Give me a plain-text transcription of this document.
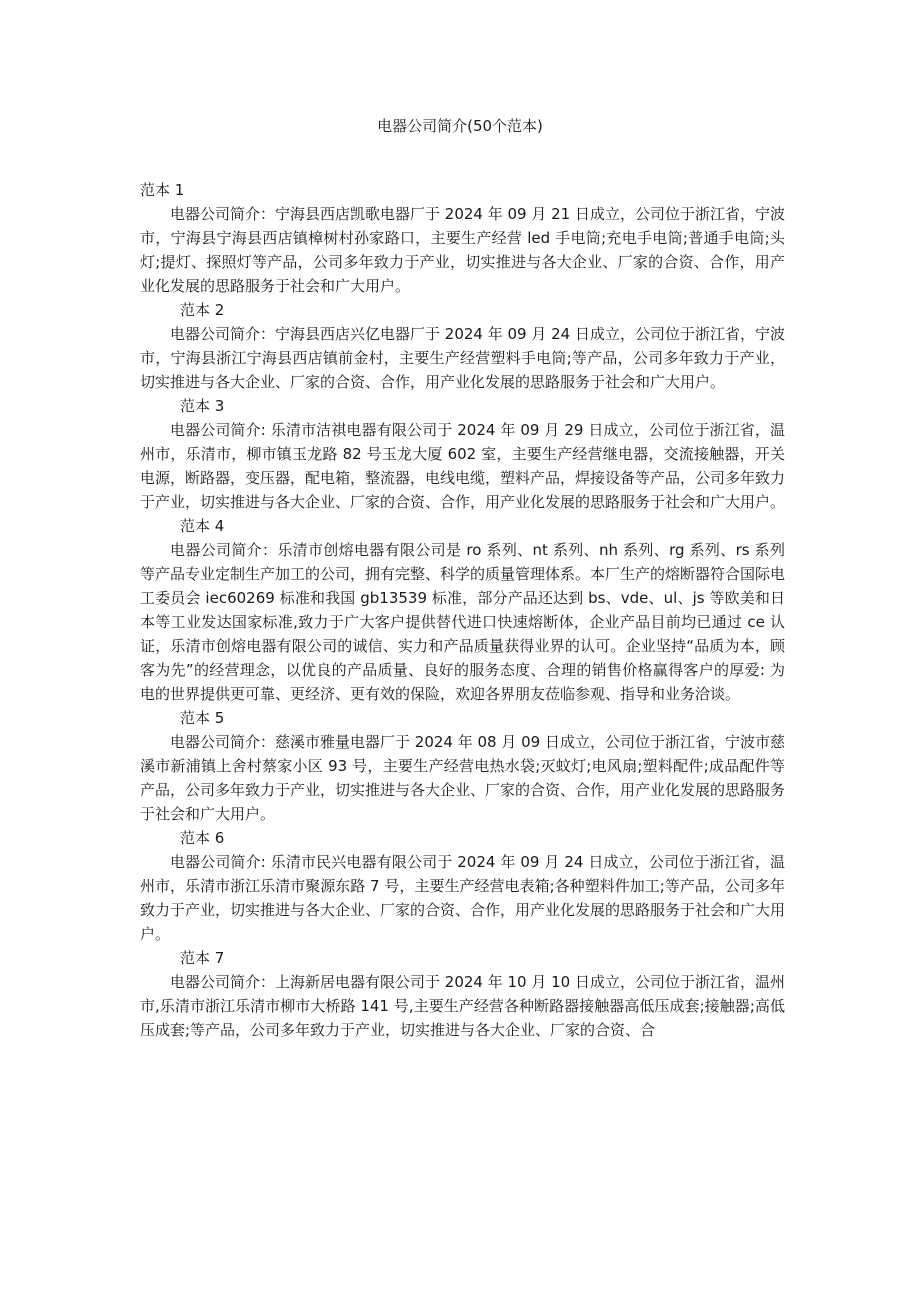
电器公司简介(50个范本)
范本 1

电器公司简介：宁海县西店凯歌电器厂于 2024 年 09 月 21 日成立，公司位于浙江省，宁波市，宁海县宁海县西店镇樟树村孙家路口，主要生产经营 led 手电筒;充电手电筒;普通手电筒;头灯;提灯、探照灯等产品，公司多年致力于产业，切实推进与各大企业、厂家的合资、合作，用产业化发展的思路服务于社会和广大用户。

范本 2

电器公司简介：宁海县西店兴亿电器厂于 2024 年 09 月 24 日成立，公司位于浙江省，宁波市，宁海县浙江宁海县西店镇前金村，主要生产经营塑料手电筒;等产品，公司多年致力于产业，切实推进与各大企业、厂家的合资、合作，用产业化发展的思路服务于社会和广大用户。

范本 3

电器公司简介: 乐清市洁祺电器有限公司于 2024 年 09 月 29 日成立，公司位于浙江省，温州市，乐清市，柳市镇玉龙路 82 号玉龙大厦 602 室，主要生产经营继电器，交流接触器，开关电源，断路器，变压器，配电箱，整流器，电线电缆，塑料产品，焊接设备等产品，公司多年致力于产业，切实推进与各大企业、厂家的合资、合作，用产业化发展的思路服务于社会和广大用户。

范本 4

电器公司简介：乐清市创熔电器有限公司是 ro 系列、nt 系列、nh 系列、rg 系列、rs 系列等产品专业定制生产加工的公司，拥有完整、科学的质量管理体系。本厂生产的熔断器符合国际电工委员会 iec60269 标准和我国 gb13539 标准，部分产品还达到 bs、vde、ul、js 等欧美和日本等工业发达国家标准,致力于广大客户提供替代进口快速熔断体，企业产品目前均已通过 ce 认证，乐清市创熔电器有限公司的诚信、实力和产品质量获得业界的认可。企业坚持“品质为本，顾客为先”的经营理念，以优良的产品质量、良好的服务态度、合理的销售价格赢得客户的厚爱: 为电的世界提供更可靠、更经济、更有效的保险，欢迎各界朋友莅临参观、指导和业务洽谈。

范本 5

电器公司简介：慈溪市雅量电器厂于 2024 年 08 月 09 日成立，公司位于浙江省，宁波市慈溪市新浦镇上舍村蔡家小区 93 号，主要生产经营电热水袋;灭蚊灯;电风扇;塑料配件;成品配件等产品，公司多年致力于产业，切实推进与各大企业、厂家的合资、合作，用产业化发展的思路服务于社会和广大用户。

范本 6

电器公司简介: 乐清市民兴电器有限公司于 2024 年 09 月 24 日成立，公司位于浙江省，温州市，乐清市浙江乐清市聚源东路 7 号，主要生产经营电表箱;各种塑料件加工;等产品，公司多年致力于产业，切实推进与各大企业、厂家的合资、合作，用产业化发展的思路服务于社会和广大用户。

范本 7

电器公司简介：上海新居电器有限公司于 2024 年 10 月 10 日成立，公司位于浙江省，温州市,乐清市浙江乐清市柳市大桥路 141 号,主要生产经营各种断路器接触器高低压成套;接触器;高低压成套;等产品，公司多年致力于产业，切实推进与各大企业、厂家的合资、合
